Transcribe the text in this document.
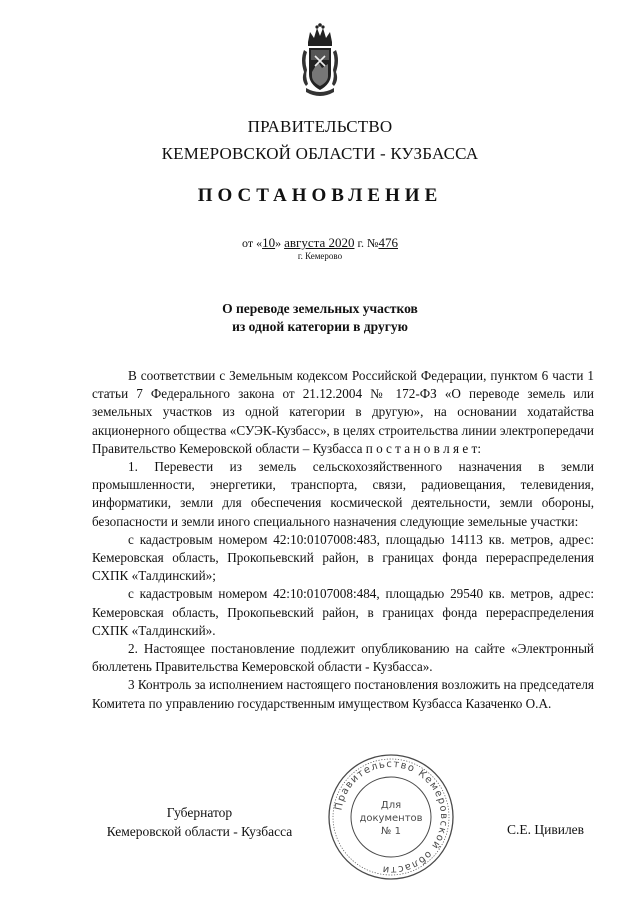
ПРАВИТЕЛЬСТВО
КЕМЕРОВСКОЙ ОБЛАСТИ - КУЗБАССА
ПОСТАНОВЛЕНИЕ
от «10» августа 2020 г. №476
г. Кемерово
О переводе земельных участков
из одной категории в другую

В соответствии с Земельным кодексом Российской Федерации, пунктом 6 части 1 статьи 7 Федерального закона от 21.12.2004 № 172-ФЗ «О переводе земель или земельных участков из одной категории в другую», на основании ходатайства акционерного общества «СУЭК-Кузбасс», в целях строительства линии электропередачи Правительство Кемеровской области – Кузбасса п о с т а н о в л я е т:

1. Перевести из земель сельскохозяйственного назначения в земли промышленности, энергетики, транспорта, связи, радиовещания, телевидения, информатики, земли для обеспечения космической деятельности, земли обороны, безопасности и земли иного специального назначения следующие земельные участки:

с кадастровым номером 42:10:0107008:483, площадью 14113 кв. метров, адрес: Кемеровская область, Прокопьевский район, в границах фонда перераспределения СХПК «Талдинский»;

с кадастровым номером 42:10:0107008:484, площадью 29540 кв. метров, адрес: Кемеровская область, Прокопьевский район, в границах фонда перераспределения СХПК «Талдинский».

2. Настоящее постановление подлежит опубликованию на сайте «Электронный бюллетень Правительства Кемеровской области - Кузбасса».

3 Контроль за исполнением настоящего постановления возложить на председателя Комитета по управлению государственным имуществом Кузбасса Казаченко О.А.

Губернатор
Кемеровской области - Кузбасса
Правительство Кемеровской области
Для
документов
№ 1	С.Е. Цивилев
